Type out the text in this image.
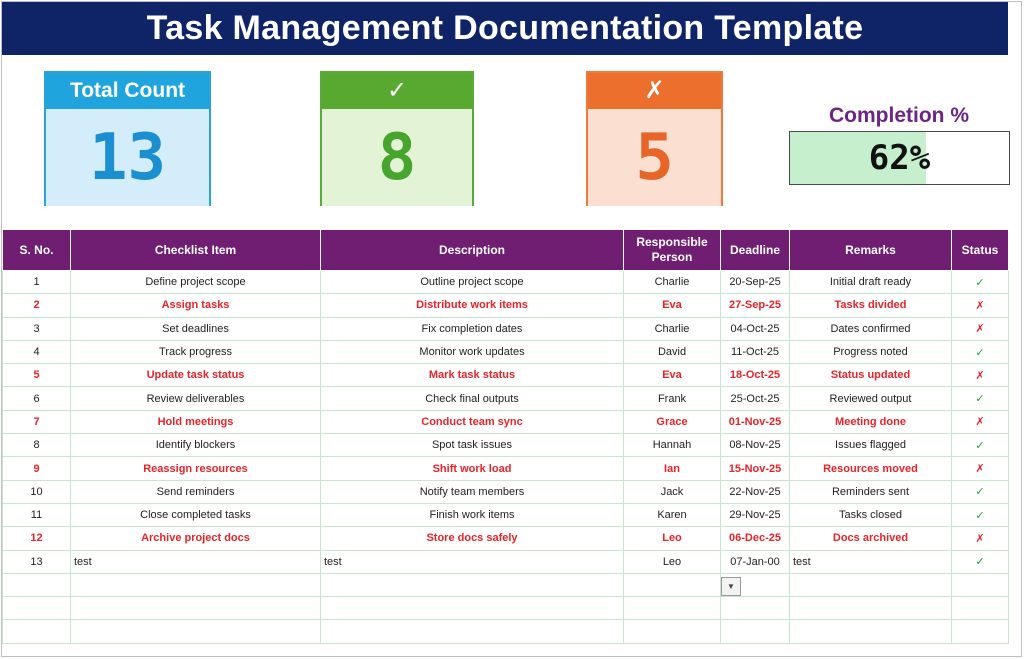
Task Management Documentation Template
Total Count
13
✓
8
✗
5
Completion %
62%
S. No.	Checklist Item	Description	Responsible Person	Deadline	Remarks	Status
1	Define project scope	Outline project scope	Charlie	20-Sep-25	Initial draft ready	✓
2	Assign tasks	Distribute work items	Eva	27-Sep-25	Tasks divided	✗
3	Set deadlines	Fix completion dates	Charlie	04-Oct-25	Dates confirmed	✗
4	Track progress	Monitor work updates	David	11-Oct-25	Progress noted	✓
5	Update task status	Mark task status	Eva	18-Oct-25	Status updated	✗
6	Review deliverables	Check final outputs	Frank	25-Oct-25	Reviewed output	✓
7	Hold meetings	Conduct team sync	Grace	01-Nov-25	Meeting done	✗
8	Identify blockers	Spot task issues	Hannah	08-Nov-25	Issues flagged	✓
9	Reassign resources	Shift work load	Ian	15-Nov-25	Resources moved	✗
10	Send reminders	Notify team members	Jack	22-Nov-25	Reminders sent	✓
11	Close completed tasks	Finish work items	Karen	29-Nov-25	Tasks closed	✓
12	Archive project docs	Store docs safely	Leo	06-Dec-25	Docs archived	✗
13	test	test	Leo	07-Jan-00	test	✓

				▼		
